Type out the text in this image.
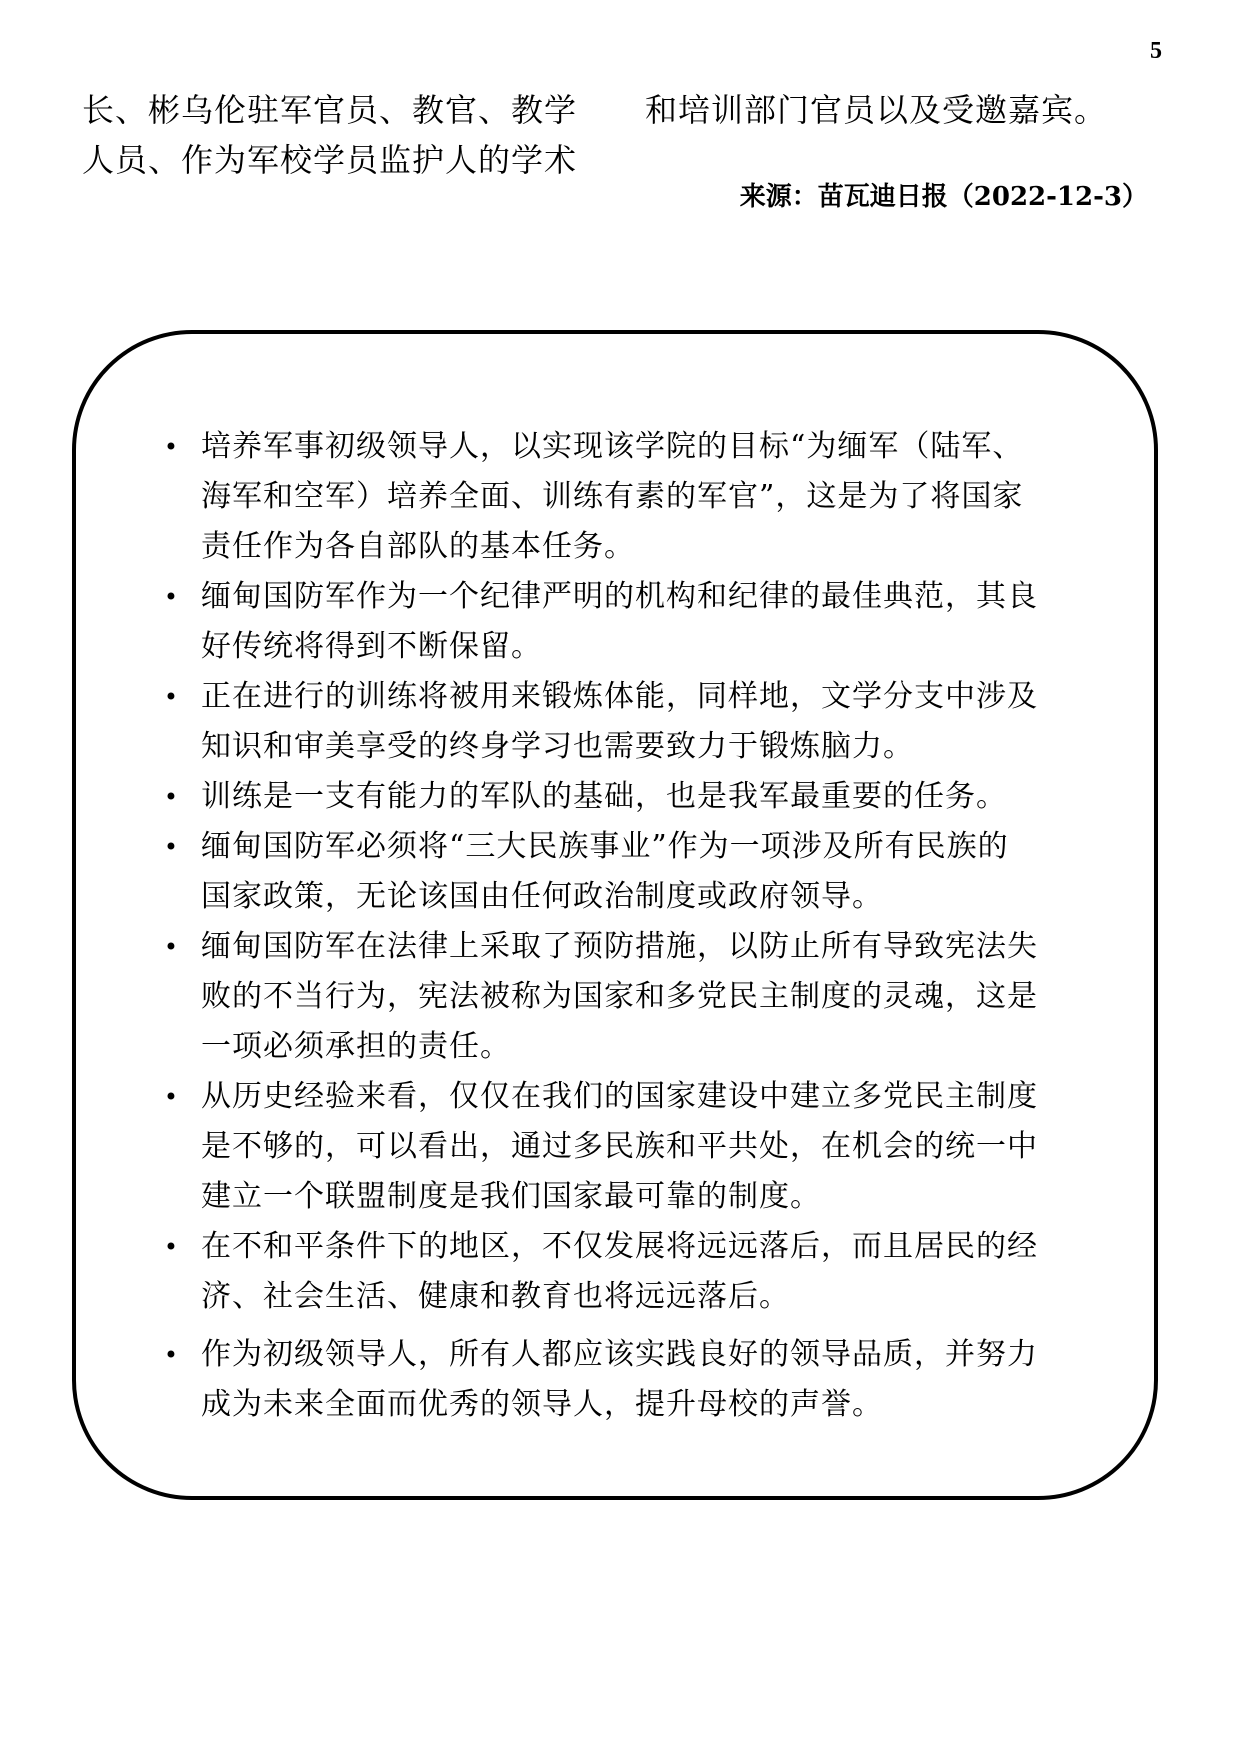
5
长、彬乌伦驻军官员、教官、教学
人员、作为军校学员监护人的学术
和培训部门官员以及受邀嘉宾。
来源：苗瓦迪日报（2022-12-3）
• 培养军事初级领导人，以实现该学院的目标“为缅军（陆军、
海军和空军）培养全面、训练有素的军官”，这是为了将国家
责任作为各自部队的基本任务。
• 缅甸国防军作为一个纪律严明的机构和纪律的最佳典范，其良
好传统将得到不断保留。
• 正在进行的训练将被用来锻炼体能，同样地，文学分支中涉及
知识和审美享受的终身学习也需要致力于锻炼脑力。
• 训练是一支有能力的军队的基础，也是我军最重要的任务。
• 缅甸国防军必须将“三大民族事业”作为一项涉及所有民族的
国家政策，无论该国由任何政治制度或政府领导。
• 缅甸国防军在法律上采取了预防措施，以防止所有导致宪法失
败的不当行为，宪法被称为国家和多党民主制度的灵魂，这是
一项必须承担的责任。
• 从历史经验来看，仅仅在我们的国家建设中建立多党民主制度
是不够的，可以看出，通过多民族和平共处，在机会的统一中
建立一个联盟制度是我们国家最可靠的制度。
• 在不和平条件下的地区，不仅发展将远远落后，而且居民的经
济、社会生活、健康和教育也将远远落后。
• 作为初级领导人，所有人都应该实践良好的领导品质，并努力
成为未来全面而优秀的领导人，提升母校的声誉。
